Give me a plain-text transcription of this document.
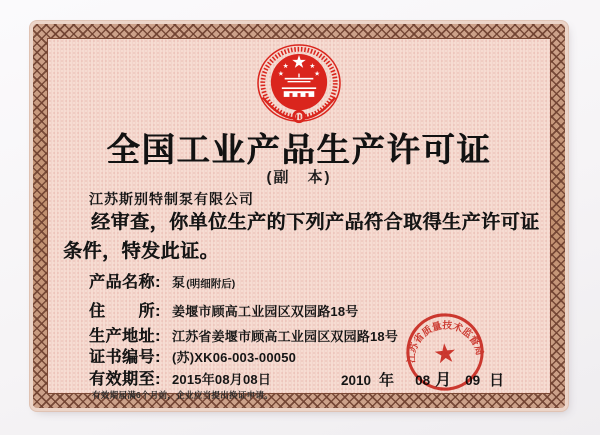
全国工业产品生产许可证
(副　本)
江苏斯别特制泵有限公司
经审查，你单位生产的下列产品符合取得生产许可证
条件，特发此证。
产品名称: 泵 (明细附后)
住　　所: 姜堰市顾高工业园区双园路18号
生产地址: 江苏省姜堰市顾高工业园区双园路18号
证书编号: (苏)XK06-003-00050
有效期至: 2015年08月08日
有效期届满6个月前，企业应当提出换证申请。
2010 年 08 月 09 日
江苏省质量技术监督局
